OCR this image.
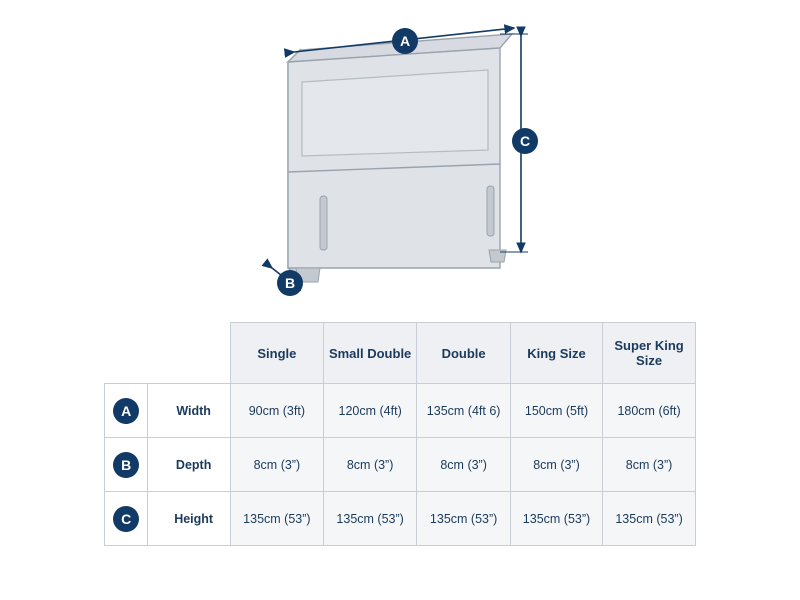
A
C
B
		Single	Small Double	Double	King Size	Super King Size
A	Width	90cm (3ft)	120cm (4ft)	135cm (4ft 6)	150cm (5ft)	180cm (6ft)
B	Depth	8cm (3”)	8cm (3”)	8cm (3”)	8cm (3”)	8cm (3”)
C	Height	135cm (53”)	135cm (53”)	135cm (53”)	135cm (53”)	135cm (53”)
